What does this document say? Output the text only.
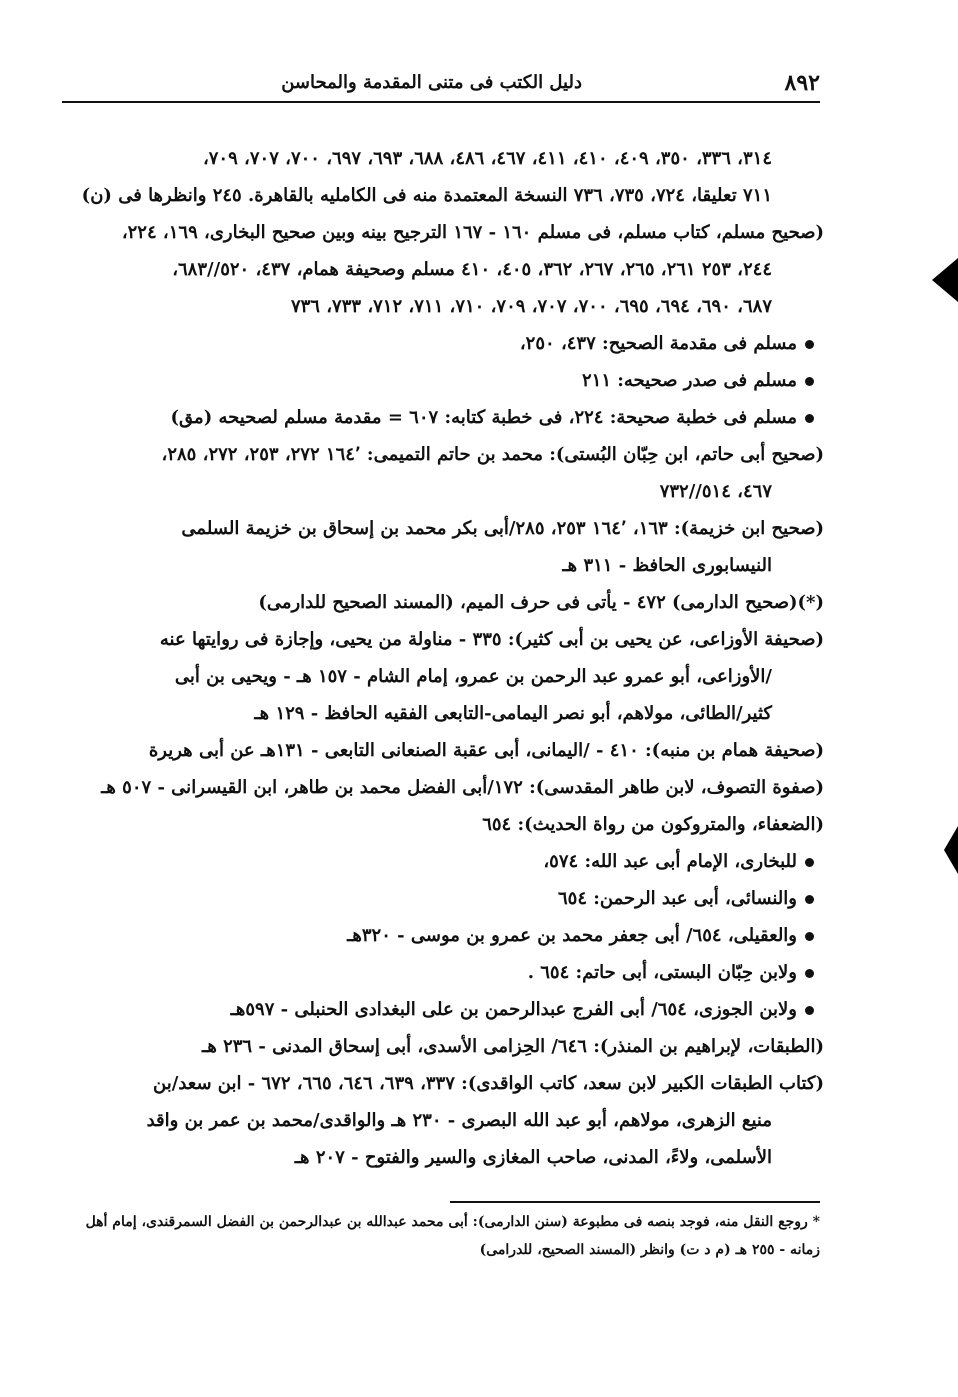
٨٩٢
دليل الكتب فى متنى المقدمة والمحاسن
٣١٤، ٣٣٦، ٣٥٠، ٤٠٩، ٤١٠، ٤١١، ٤٦٧، ٤٨٦، ٦٨٨، ٦٩٣، ٦٩٧، ٧٠٠، ٧٠٧، ٧٠٩،
٧١١ تعليقا، ٧٢٤، ٧٣٥، ٧٣٦ النسخة المعتمدة منه فى الكامليه بالقاهرة. ٢٤٥ وانظرها فى (ن)
(صحيح مسلم، كتاب مسلم، فى مسلم ١٦٠ - ١٦٧ الترجيح بينه وبين صحيح البخارى، ١٦٩، ٢٢٤،
٢٤٤، ٢٥٣ ٢٦١، ٢٦٥، ٢٦٧، ٣٦٢، ٤٠٥، ٤١٠ مسلم وصحيفة همام، ٤٣٧، ٥٢٠//٦٨٣،
٦٨٧، ٦٩٠، ٦٩٤، ٦٩٥، ٧٠٠، ٧٠٧، ٧٠٩، ٧١٠، ٧١١، ٧١٢، ٧٣٣، ٧٣٦
مسلم فى مقدمة الصحيح: ٤٣٧، ٢٥٠،
مسلم فى صدر صحيحه: ٢١١
مسلم فى خطبة صحيحة: ٢٢٤، فى خطبة كتابه: ٦٠٧ = مقدمة مسلم لصحيحه (مق)
(صحيح أبى حاتم، ابن حِبّان البُستى): محمد بن حاتم التميمى: ١٦٤٬ ٢٧٢، ٢٥٣، ٢٧٢، ٢٨٥،
٤٦٧، ٥١٤//٧٣٢
(صحيح ابن خزيمة): ١٦٣، ١٦٤٬ ٢٥٣، ٢٨٥/أبى بكر محمد بن إسحاق بن خزيمة السلمى
النيسابورى الحافظ - ٣١١ هـ
(*)(صحيح الدارمى) ٤٧٢ - يأتى فى حرف الميم، (المسند الصحيح للدارمى)
(صحيفة الأوزاعى، عن يحيى بن أبى كثير): ٣٣٥ - مناولة من يحيى، وإجازة فى روايتها عنه
/الأوزاعى، أبو عمرو عبد الرحمن بن عمرو، إمام الشام - ١٥٧ هـ - ويحيى بن أبى
كثير/الطائى، مولاهم، أبو نصر اليمامى-التابعى الفقيه الحافظ - ١٢٩ هـ
(صحيفة همام بن منبه): ٤١٠ - /اليمانى، أبى عقبة الصنعانى التابعى - ١٣١هـ عن أبى هريرة
(صفوة التصوف، لابن طاهر المقدسى): ١٧٢/أبى الفضل محمد بن طاهر، ابن القيسرانى - ٥٠٧ هـ
(الضعفاء، والمتروكون من رواة الحديث): ٦٥٤
للبخارى، الإمام أبى عبد الله: ٥٧٤،
والنسائى، أبى عبد الرحمن: ٦٥٤
والعقيلى، ٦٥٤/ أبى جعفر محمد بن عمرو بن موسى - ٣٢٠هـ
ولابن حِبّان البستى، أبى حاتم: ٦٥٤ .
ولابن الجوزى، ٦٥٤/ أبى الفرج عبدالرحمن بن على البغدادى الحنبلى - ٥٩٧هـ
(الطبقات، لإبراهيم بن المنذر): ٦٤٦/ الحِزامى الأسدى، أبى إسحاق المدنى - ٢٣٦ هـ
(كتاب الطبقات الكبير لابن سعد، كاتب الواقدى): ٣٣٧، ٦٣٩، ٦٤٦، ٦٦٥، ٦٧٢ - ابن سعد/بن
منيع الزهرى، مولاهم، أبو عبد الله البصرى - ٢٣٠ هـ والواقدى/محمد بن عمر بن واقد
الأسلمى، ولاءً، المدنى، صاحب المغازى والسير والفتوح - ٢٠٧ هـ
* روجع النقل منه، فوجد بنصه فى مطبوعة (سنن الدارمى): أبى محمد عبدالله بن عبدالرحمن بن الفضل السمرقندى، إمام أهل
زمانه - ٢٥٥ هـ (م د ت) وانظر (المسند الصحيح، للدرامى)
